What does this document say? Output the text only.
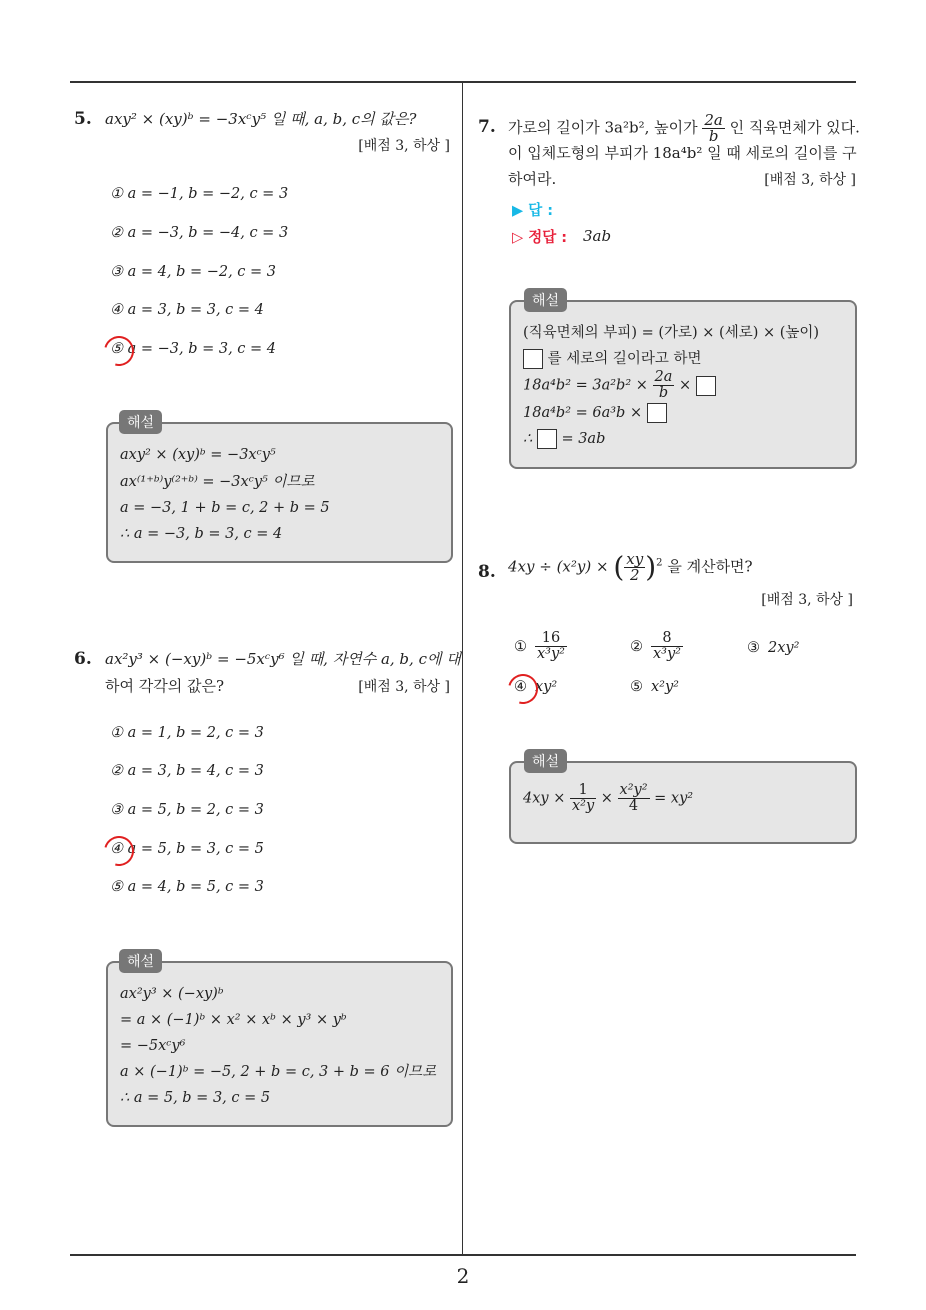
5. axy² × (xy)ᵇ = −3xᶜy⁵ 일 때, a, b, c의 값은?
[배점 3, 하상 ]
① a = −1, b = −2, c = 3
② a = −3, b = −4, c = 3
③ a = 4, b = −2, c = 3
④ a = 3, b = 3, c = 4
⑤ a = −3, b = 3, c = 4
axy² × (xy)ᵇ = −3xᶜy⁵
ax⁽¹⁺ᵇ⁾y⁽²⁺ᵇ⁾ = −3xᶜy⁵ 이므로
a = −3, 1 + b = c, 2 + b = 5
∴ a = −3, b = 3, c = 4
해설
6. ax²y³ × (−xy)ᵇ = −5xᶜy⁶ 일 때, 자연수 a, b, c에 대
하여 각각의 값은?	[배점 3, 하상 ]
① a = 1, b = 2, c = 3
② a = 3, b = 4, c = 3
③ a = 5, b = 2, c = 3
④ a = 5, b = 3, c = 5
⑤ a = 4, b = 5, c = 3
ax²y³ × (−xy)ᵇ
= a × (−1)ᵇ × x² × xᵇ × y³ × yᵇ
= −5xᶜy⁶
a × (−1)ᵇ = −5, 2 + b = c, 3 + b = 6 이므로
∴ a = 5, b = 3, c = 5
해설
7. 가로의 길이가 3a²b², 높이가 $\frac{2a}{b}$ 인 직육면체가 있다.
이 입체도형의 부피가 18a⁴b² 일 때 세로의 길이를 구
하여라.	[배점 3, 하상 ]
▶ 답 :
▷ 정답 : 3ab
(직육면체의 부피) = (가로) × (세로) × (높이)
를 세로의 길이라고 하면
$18a^4b^2 = 3a^2b^2 \times \frac{2a}{b}$ ×
18a⁴b² = 6a³b ×
∴ = 3ab
해설
8. 4xy ÷ (x²y) × ( $\frac{xy}{2} )^2$ 을 계산하면?
[배점 3, 하상 ]
① $\frac{16}{\text{x³y²}}$	② $\frac{8}{\text{x³y²}}$	③ 2xy²
④ xy²	⑤ x²y²
$4xy \times \frac{1}{\text{x²y}} \times \frac{\text{x²y²}}{4} = xy^2$
해설
2
